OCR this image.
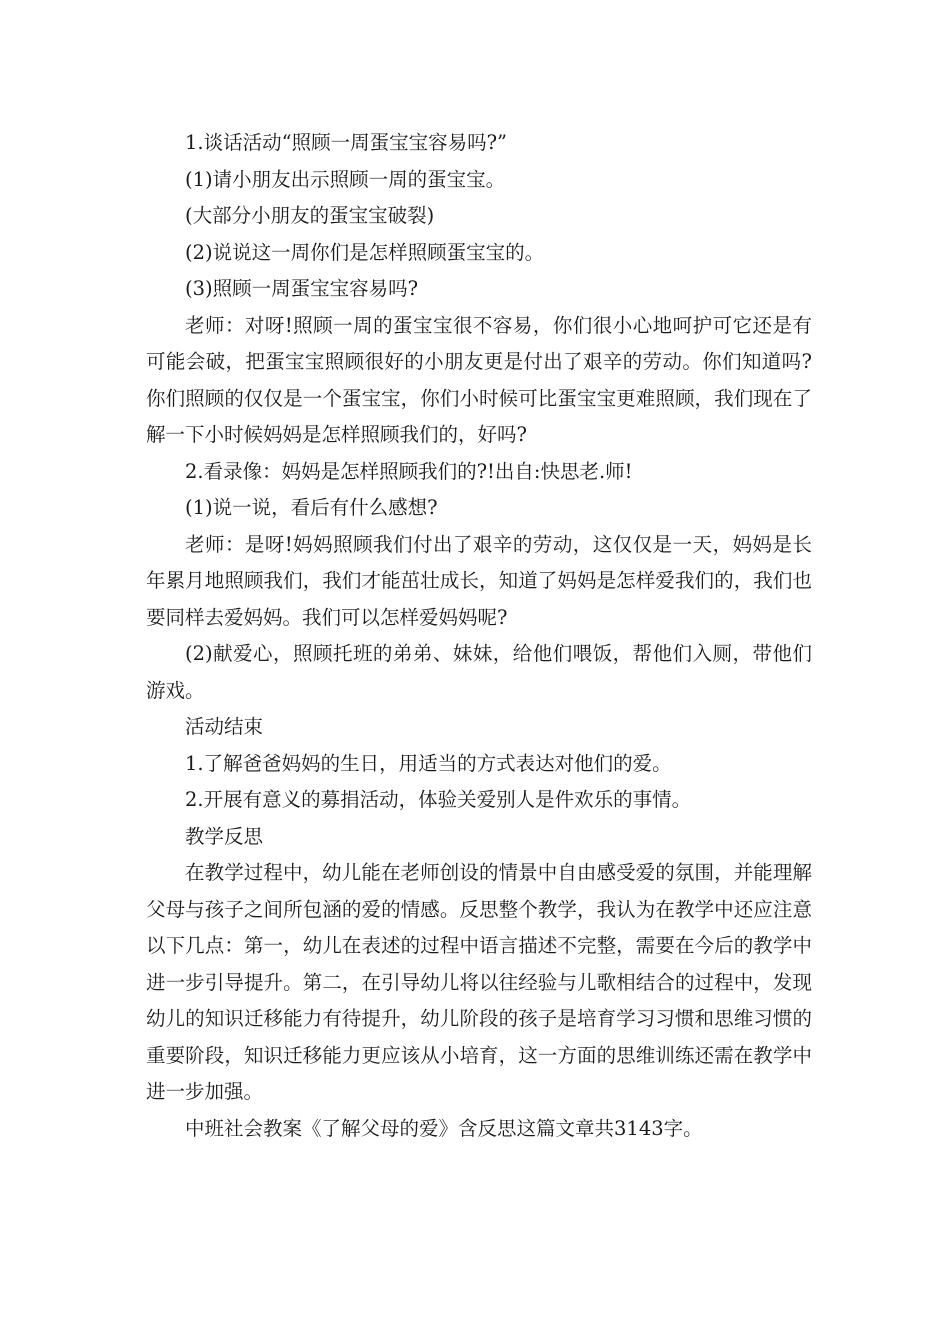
1.谈话活动“照顾一周蛋宝宝容易吗?”

(1)请小朋友出示照顾一周的蛋宝宝。

(大部分小朋友的蛋宝宝破裂)

(2)说说这一周你们是怎样照顾蛋宝宝的。

(3)照顾一周蛋宝宝容易吗?

老师：对呀!照顾一周的蛋宝宝很不容易，你们很小心地呵护可它还是有可能会破，把蛋宝宝照顾很好的小朋友更是付出了艰辛的劳动。你们知道吗?你们照顾的仅仅是一个蛋宝宝，你们小时候可比蛋宝宝更难照顾，我们现在了解一下小时候妈妈是怎样照顾我们的，好吗?

2.看录像：妈妈是怎样照顾我们的?!出自:快思老.师!

(1)说一说，看后有什么感想?

老师：是呀!妈妈照顾我们付出了艰辛的劳动，这仅仅是一天，妈妈是长年累月地照顾我们，我们才能茁壮成长，知道了妈妈是怎样爱我们的，我们也要同样去爱妈妈。我们可以怎样爱妈妈呢?

(2)献爱心，照顾托班的弟弟、妹妹，给他们喂饭，帮他们入厕，带他们游戏。

活动结束

1.了解爸爸妈妈的生日，用适当的方式表达对他们的爱。

2.开展有意义的募捐活动，体验关爱别人是件欢乐的事情。

教学反思

在教学过程中，幼儿能在老师创设的情景中自由感受爱的氛围，并能理解父母与孩子之间所包涵的爱的情感。反思整个教学，我认为在教学中还应注意以下几点：第一，幼儿在表述的过程中语言描述不完整，需要在今后的教学中进一步引导提升。第二，在引导幼儿将以往经验与儿歌相结合的过程中，发现幼儿的知识迁移能力有待提升，幼儿阶段的孩子是培育学习习惯和思维习惯的重要阶段，知识迁移能力更应该从小培育，这一方面的思维训练还需在教学中进一步加强。

中班社会教案《了解父母的爱》含反思这篇文章共3143字。
